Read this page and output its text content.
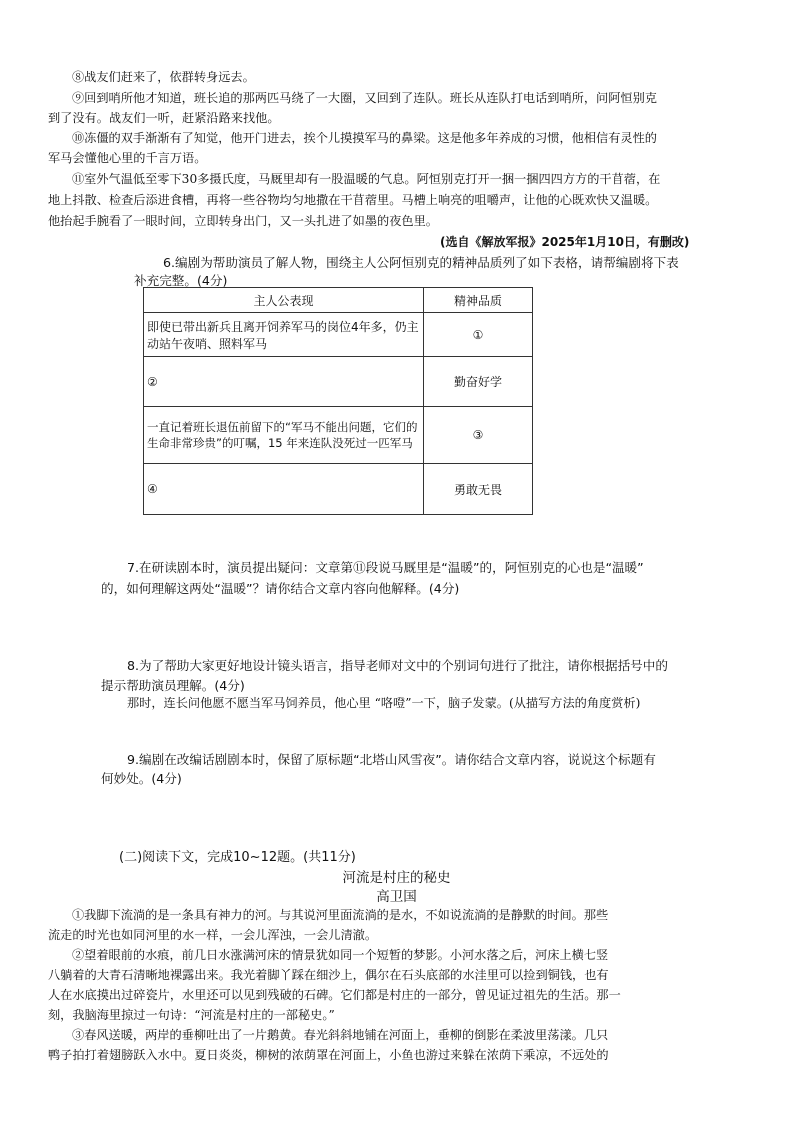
⑧战友们赶来了，依群转身远去。
⑨回到哨所他才知道，班长追的那两匹马绕了一大圈，又回到了连队。班长从连队打电话到哨所，问阿恒别克
到了没有。战友们一听，赶紧沿路来找他。
⑩冻僵的双手渐渐有了知觉，他开门进去，挨个儿摸摸军马的鼻梁。这是他多年养成的习惯，他相信有灵性的
军马会懂他心里的千言万语。
⑪室外气温低至零下30多摄氏度，马厩里却有一股温暖的气息。阿恒别克打开一捆一捆四四方方的干苜蓿，在
地上抖散、检查后添进食槽，再将一些谷物均匀地撒在干苜蓿里。马槽上响亮的咀嚼声，让他的心既欢快又温暖。
他抬起手腕看了一眼时间，立即转身出门，又一头扎进了如墨的夜色里。
(选自《解放军报》2025年1月10日，有删改)
6.编剧为帮助演员了解人物，围绕主人公阿恒别克的精神品质列了如下表格，请帮编剧将下表
补充完整。(4分)
主人公表现	精神品质
即使已带出新兵且离开饲养军马的岗位4年多，仍主动站午夜哨、照料军马	①
②	勤奋好学
一直记着班长退伍前留下的“军马不能出问题，它们的生命非常珍贵”的叮嘱，15 年来连队没死过一匹军马	③
④	勇敢无畏
7.在研读剧本时，演员提出疑问：文章第⑪段说马厩里是“温暖”的，阿恒别克的心也是“温暖”
的，如何理解这两处“温暖”？请你结合文章内容向他解释。(4分)
8.为了帮助大家更好地设计镜头语言，指导老师对文中的个别词句进行了批注，请你根据括号中的
提示帮助演员理解。(4分)
那时，连长问他愿不愿当军马饲养员，他心里 “咯噔”一下，脑子发蒙。(从描写方法的角度赏析)
9.编剧在改编话剧剧本时，保留了原标题“北塔山风雪夜”。请你结合文章内容，说说这个标题有
何妙处。(4分)
(二)阅读下文，完成10~12题。(共11分)
河流是村庄的秘史
高卫国
①我脚下流淌的是一条具有神力的河。与其说河里面流淌的是水，不如说流淌的是静默的时间。那些
流走的时光也如同河里的水一样，一会儿浑浊，一会儿清澈。
②望着眼前的水痕，前几日水涨满河床的情景犹如同一个短暂的梦影。小河水落之后，河床上横七竖
八躺着的大青石清晰地裸露出来。我光着脚丫踩在细沙上，偶尔在石头底部的水洼里可以捡到铜钱，也有
人在水底摸出过碎瓷片，水里还可以见到残破的石碑。它们都是村庄的一部分，曾见证过祖先的生活。那一
刻，我脑海里掠过一句诗：“河流是村庄的一部秘史。”
③春风送暖，两岸的垂柳吐出了一片鹅黄。春光斜斜地铺在河面上，垂柳的倒影在柔波里荡漾。几只
鸭子拍打着翅膀跃入水中。夏日炎炎，柳树的浓荫罩在河面上，小鱼也游过来躲在浓荫下乘凉，不远处的
